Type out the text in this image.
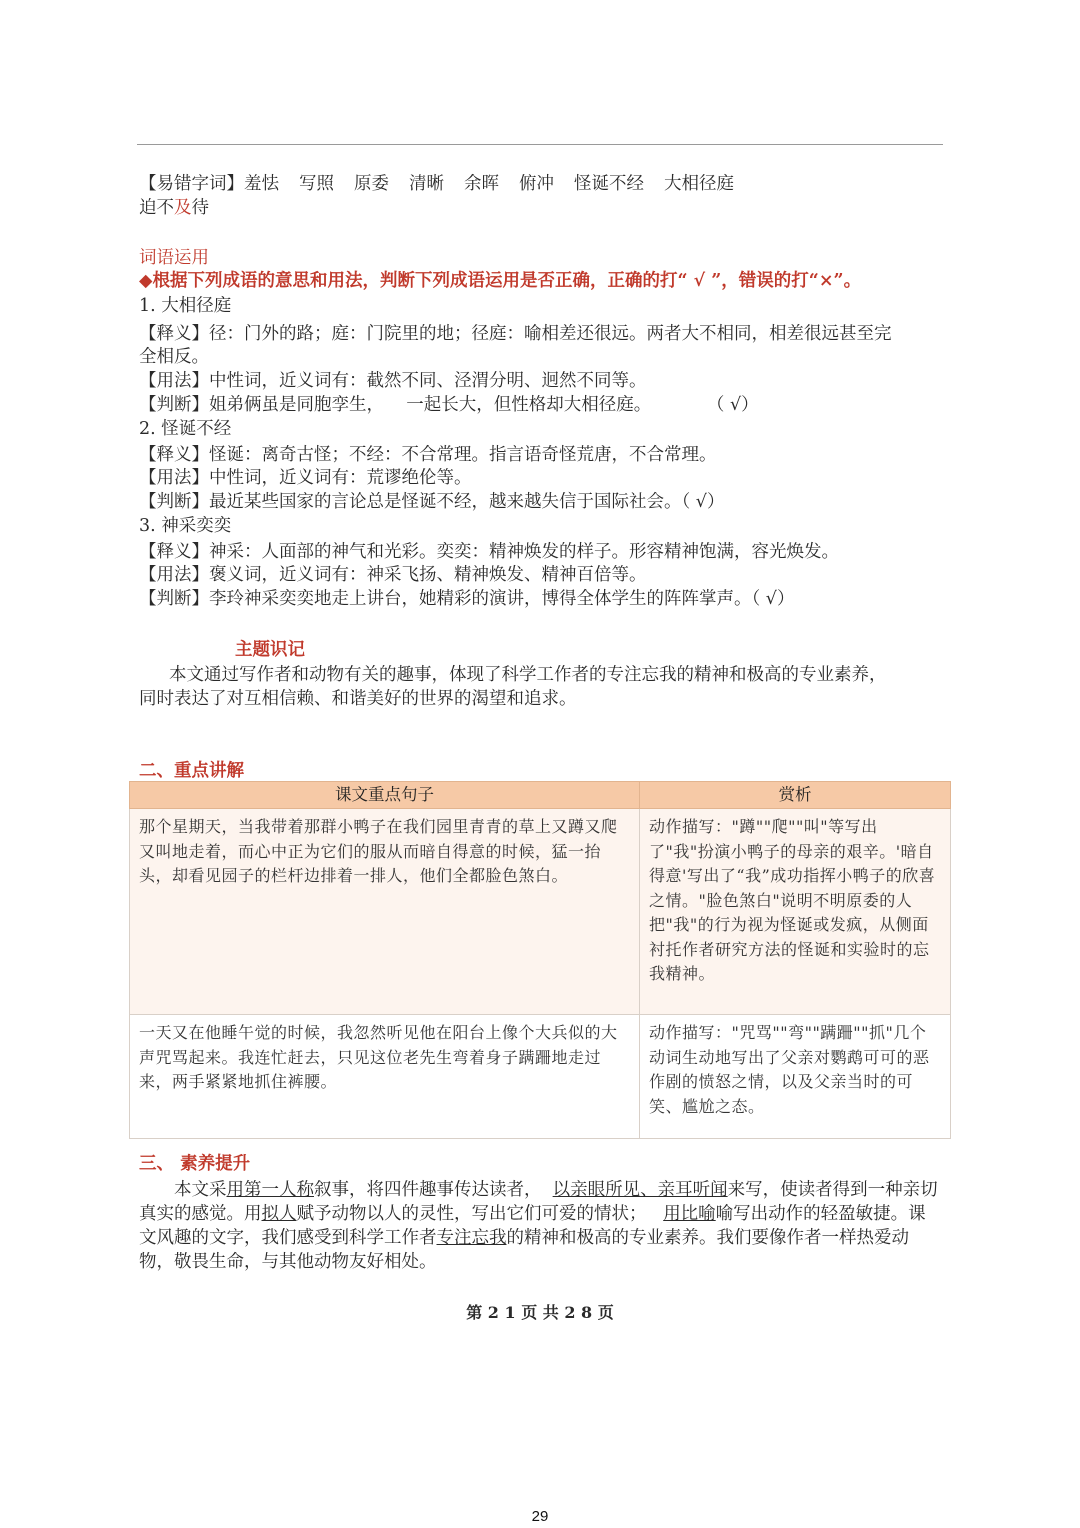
【易错字词】羞怯 写照 原委 清晰 余晖 俯冲 怪诞不经 大相径庭
迫不及待
词语运用
◆根据下列成语的意思和用法，判断下列成语运用是否正确，正确的打“ √ ”，错误的打“×”。
1. 大相径庭
【释义】径：门外的路；庭：门院里的地；径庭：喻相差还很远。两者大不相同，相差很远甚至完
全相反。
【用法】中性词，近义词有：截然不同、泾渭分明、迥然不同等。
【判断】姐弟俩虽是同胞孪生，    一起长大，但性格却大相径庭。          （ √）
2. 怪诞不经
【释义】怪诞：离奇古怪；不经：不合常理。指言语奇怪荒唐，不合常理。
【用法】中性词，近义词有：荒谬绝伦等。
【判断】最近某些国家的言论总是怪诞不经，越来越失信于国际社会。（ √）
3. 神采奕奕
【释义】神采：人面部的神气和光彩。奕奕：精神焕发的样子。形容精神饱满，容光焕发。
【用法】褒义词，近义词有：神采飞扬、精神焕发、精神百倍等。
【判断】李玲神采奕奕地走上讲台，她精彩的演讲，博得全体学生的阵阵掌声。（ √）
主题识记
本文通过写作者和动物有关的趣事，体现了科学工作者的专注忘我的精神和极高的专业素养，
同时表达了对互相信赖、和谐美好的世界的渴望和追求。
二、重点讲解
课文重点句子	赏析
那个星期天，当我带着那群小鸭子在我们园里青青的草上又蹲又爬又叫地走着，而心中正为它们的服从而暗自得意的时候，猛一抬头，却看见园子的栏杆边排着一排人，他们全都脸色煞白。	动作描写："蹲""爬""叫"等写出了"我"扮演小鸭子的母亲的艰辛。'暗自得意'写出了“我”成功指挥小鸭子的欣喜之情。"脸色煞白"说明不明原委的人把"我"的行为视为怪诞或发疯，从侧面衬托作者研究方法的怪诞和实验时的忘我精神。
一天又在他睡午觉的时候，我忽然听见他在阳台上像个大兵似的大声咒骂起来。我连忙赶去，只见这位老先生弯着身子蹒跚地走过来，两手紧紧地抓住裤腰。	动作描写："咒骂""弯""蹒跚""抓"几个动词生动地写出了父亲对鹦鹉可可的恶作剧的愤怒之情，以及父亲当时的可笑、尴尬之态。
三、 素养提升
本文采用第一人称叙事，将四件趣事传达读者，  以亲眼所见、亲耳听闻来写，使读者得到一种亲切真实的感觉。用拟人赋予动物以人的灵性，写出它们可爱的情状；   用比喻喻写出动作的轻盈敏捷。课文风趣的文字，我们感受到科学工作者专注忘我的精神和极高的专业素养。我们要像作者一样热爱动物，敬畏生命，与其他动物友好相处。
第 2 1 页 共 2 8 页
29
